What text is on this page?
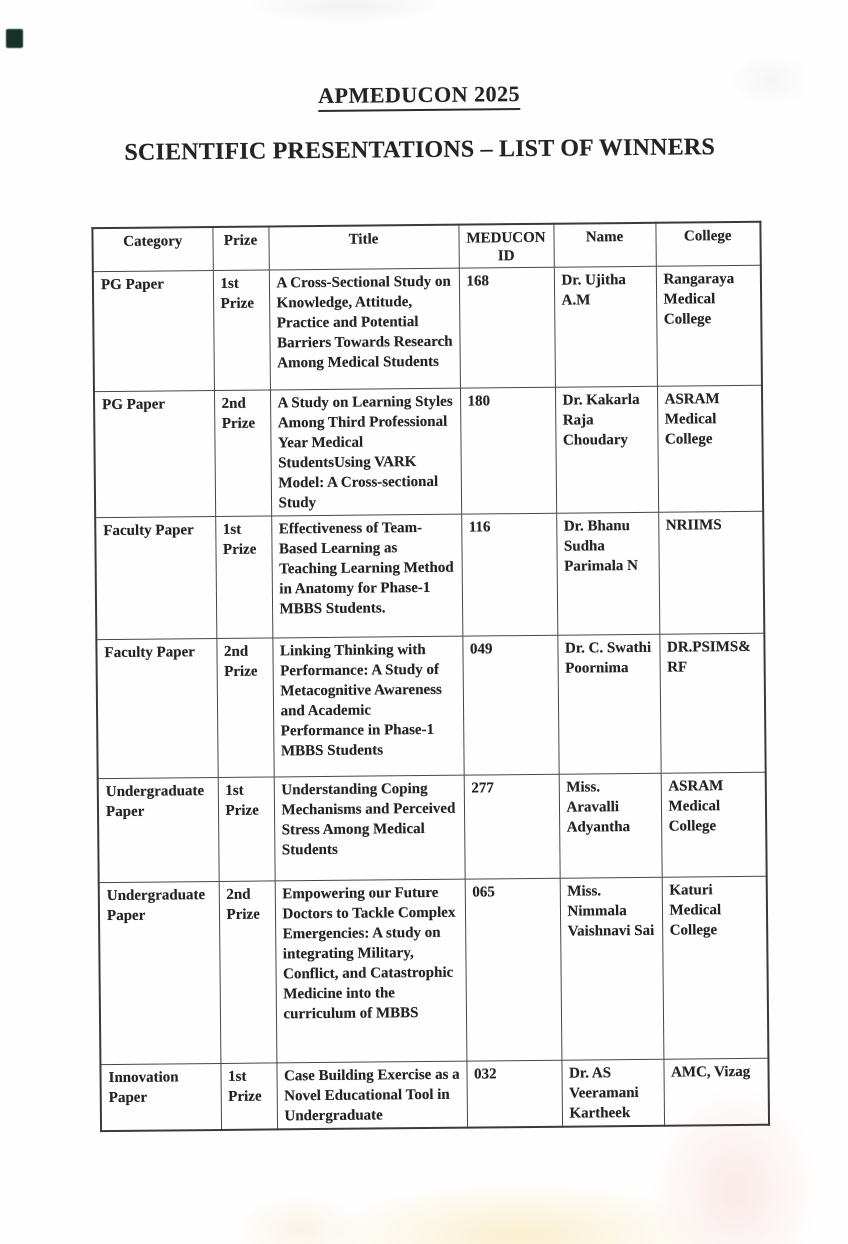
APMEDUCON 2025
SCIENTIFIC PRESENTATIONS – LIST OF WINNERS
Category	Prize	Title	MEDUCON ID	Name	College
PG Paper	1st Prize	A Cross-Sectional Study on Knowledge, Attitude, Practice and Potential Barriers Towards Research Among Medical Students	168	Dr. Ujitha A.M	Rangaraya Medical College
PG Paper	2nd Prize	A Study on Learning Styles Among Third Professional Year Medical StudentsUsing VARK Model: A Cross-sectional Study	180	Dr. Kakarla Raja Choudary	ASRAM Medical College
Faculty Paper	1st Prize	Effectiveness of Team-Based Learning as Teaching Learning Method in Anatomy for Phase-1 MBBS Students.	116	Dr. Bhanu Sudha Parimala N	NRIIMS
Faculty Paper	2nd Prize	Linking Thinking with Performance: A Study of Metacognitive Awareness and Academic Performance in Phase-1 MBBS Students	049	Dr. C. Swathi Poornima	DR.PSIMS& RF
Undergraduate Paper	1st Prize	Understanding Coping Mechanisms and Perceived Stress Among Medical Students	277	Miss. Aravalli Adyantha	ASRAM Medical College
Undergraduate Paper	2nd Prize	Empowering our Future Doctors to Tackle Complex Emergencies: A study on integrating Military, Conflict, and Catastrophic Medicine into the curriculum of MBBS	065	Miss. Nimmala Vaishnavi Sai	Katuri Medical College
Innovation Paper	1st Prize	Case Building Exercise as a Novel Educational Tool in Undergraduate	032	Dr. AS Veeramani Kartheek	AMC, Vizag
